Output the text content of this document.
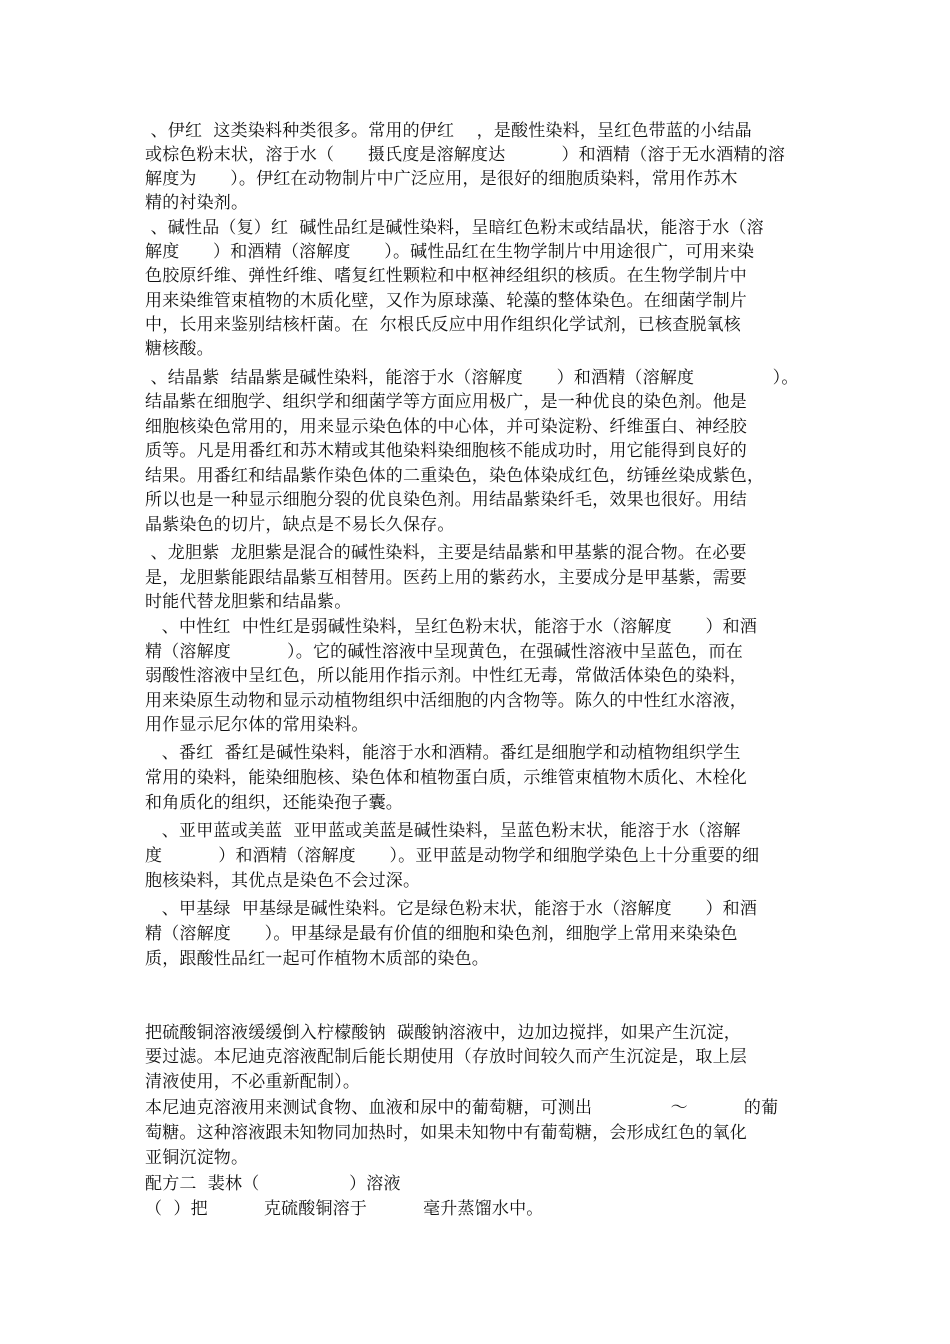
、伊红  这类染料种类很多。常用的伊红    ，是酸性染料，呈红色带蓝的小结晶
或棕色粉末状，溶于水（      摄氏度是溶解度达          ）和酒精（溶于无水酒精的溶
解度为      ）。伊红在动物制片中广泛应用，是很好的细胞质染料，常用作苏木
精的衬染剂。
、碱性品（复）红  碱性品红是碱性染料，呈暗红色粉末或结晶状，能溶于水（溶
解度      ）和酒精（溶解度      ）。碱性品红在生物学制片中用途很广，可用来染
色胶原纤维、弹性纤维、嗜复红性颗粒和中枢神经组织的核质。在生物学制片中
用来染维管束植物的木质化壁，又作为原球藻、轮藻的整体染色。在细菌学制片
中，长用来鉴别结核杆菌。在  尔根氏反应中用作组织化学试剂，已核查脱氧核
糖核酸。
、结晶紫  结晶紫是碱性染料，能溶于水（溶解度      ）和酒精（溶解度              ）。
结晶紫在细胞学、组织学和细菌学等方面应用极广，是一种优良的染色剂。他是
细胞核染色常用的，用来显示染色体的中心体，并可染淀粉、纤维蛋白、神经胶
质等。凡是用番红和苏木精或其他染料染细胞核不能成功时，用它能得到良好的
结果。用番红和结晶紫作染色体的二重染色，染色体染成红色，纺锤丝染成紫色，
所以也是一种显示细胞分裂的优良染色剂。用结晶紫染纤毛，效果也很好。用结
晶紫染色的切片，缺点是不易长久保存。
、龙胆紫  龙胆紫是混合的碱性染料，主要是结晶紫和甲基紫的混合物。在必要
是，龙胆紫能跟结晶紫互相替用。医药上用的紫药水，主要成分是甲基紫，需要
时能代替龙胆紫和结晶紫。
、中性红  中性红是弱碱性染料，呈红色粉末状，能溶于水（溶解度      ）和酒
精（溶解度          ）。它的碱性溶液中呈现黄色，在强碱性溶液中呈蓝色，而在
弱酸性溶液中呈红色，所以能用作指示剂。中性红无毒，常做活体染色的染料，
用来染原生动物和显示动植物组织中活细胞的内含物等。陈久的中性红水溶液，
用作显示尼尔体的常用染料。
、番红  番红是碱性染料，能溶于水和酒精。番红是细胞学和动植物组织学生
常用的染料，能染细胞核、染色体和植物蛋白质，示维管束植物木质化、木栓化
和角质化的组织，还能染孢子囊。
、亚甲蓝或美蓝  亚甲蓝或美蓝是碱性染料，呈蓝色粉末状，能溶于水（溶解
度          ）和酒精（溶解度      ）。亚甲蓝是动物学和细胞学染色上十分重要的细
胞核染料，其优点是染色不会过深。
、甲基绿  甲基绿是碱性染料。它是绿色粉末状，能溶于水（溶解度      ）和酒
精（溶解度      ）。甲基绿是最有价值的细胞和染色剂，细胞学上常用来染染色
质，跟酸性品红一起可作植物木质部的染色。
把硫酸铜溶液缓缓倒入柠檬酸钠  碳酸钠溶液中，边加边搅拌，如果产生沉淀，
要过滤。本尼迪克溶液配制后能长期使用（存放时间较久而产生沉淀是，取上层
清液使用，不必重新配制）。
本尼迪克溶液用来测试食物、血液和尿中的葡萄糖，可测出              ～          的葡
萄糖。这种溶液跟未知物同加热时，如果未知物中有葡萄糖，会形成红色的氧化
亚铜沉淀物。
配方二  裴林（                ）溶液
（  ）把          克硫酸铜溶于          毫升蒸馏水中。
